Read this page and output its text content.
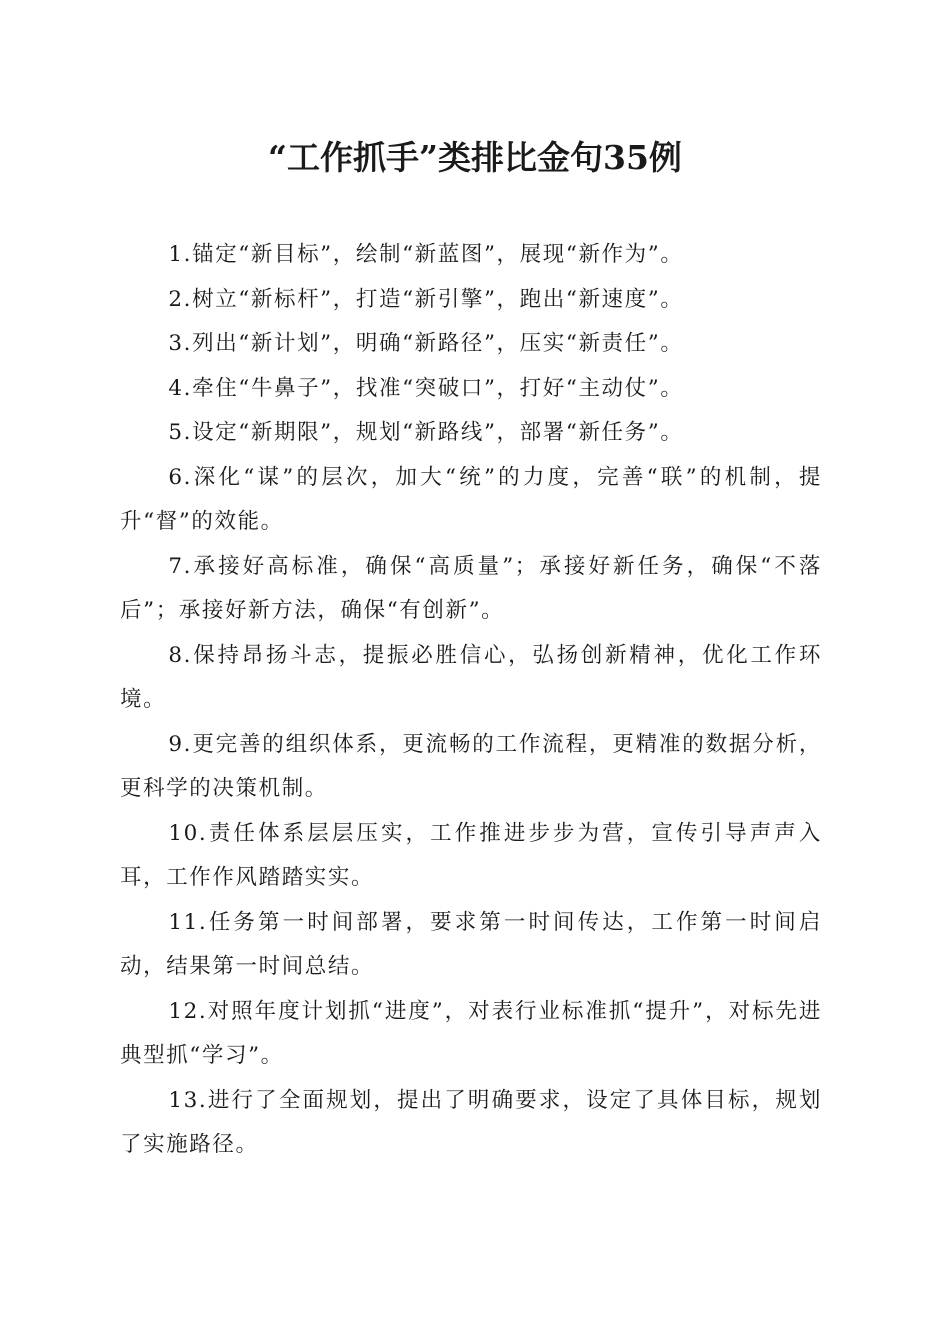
“工作抓手”类排比金句35例
1.锚定“新目标”，绘制“新蓝图”，展现“新作为”。
2.树立“新标杆”，打造“新引擎”，跑出“新速度”。
3.列出“新计划”，明确“新路径”，压实“新责任”。
4.牵住“牛鼻子”，找准“突破口”，打好“主动仗”。
5.设定“新期限”，规划“新路线”，部署“新任务”。
6.深化“谋”的层次，加大“统”的力度，完善“联”的机制，提升“督”的效能。
7.承接好高标准，确保“高质量”；承接好新任务，确保“不落后”；承接好新方法，确保“有创新”。
8.保持昂扬斗志，提振必胜信心，弘扬创新精神，优化工作环境。
9.更完善的组织体系，更流畅的工作流程，更精准的数据分析，更科学的决策机制。
10.责任体系层层压实，工作推进步步为营，宣传引导声声入耳，工作作风踏踏实实。
11.任务第一时间部署，要求第一时间传达，工作第一时间启动，结果第一时间总结。
12.对照年度计划抓“进度”，对表行业标准抓“提升”，对标先进典型抓“学习”。
13.进行了全面规划，提出了明确要求，设定了具体目标，规划了实施路径。
